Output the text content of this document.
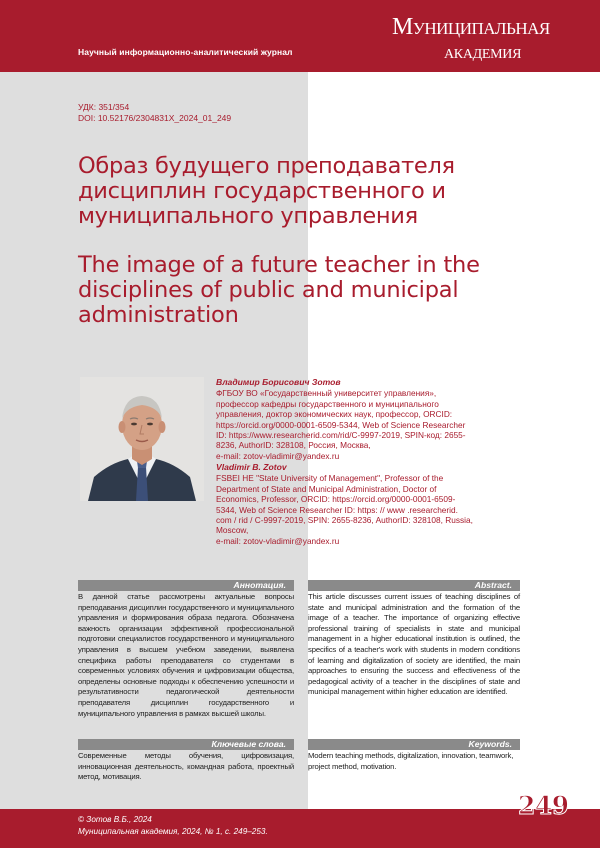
Научный информационно-аналитический журнал
Муниципальная
академия
УДК: 351/354
DOI: 10.52176/2304831X_2024_01_249
Образ будущего преподавателя
дисциплин государственного и
муниципального управления
The image of a future teacher in the
disciplines of public and municipal
administration
Владимир Борисович Зотов
ФГБОУ ВО «Государственный университет управления»,
профессор кафедры государственного и муниципального
управления, доктор экономических наук, профессор, ORCID:
https://orcid.org/0000-0001-6509-5344, Web of Science Researcher
ID: https://www.researcherid.com/rid/C-9997-2019, SPIN-код: 2655-
8236, AuthorID: 328108, Россия, Москва,
e-mail: zotov-vladimir@yandex.ru
Vladimir B. Zotov
FSBEI HE "State University of Management", Professor of the
Department of State and Municipal Administration, Doctor of
Economics, Professor, ORCID: https://orcid.org/0000-0001-6509-
5344, Web of Science Researcher ID: https: // www .researcherid.
com / rid / C-9997-2019, SPIN: 2655-8236, AuthorID: 328108, Russia,
Moscow,
e-mail: zotov-vladimir@yandex.ru
Аннотация.	Abstract.
В данной статье рассмотрены актуальные вопросы преподавания дисциплин государственного и муниципального управления и формирования образа педагога. Обозначена важность организации эффективной профессиональной подготовки специалистов государственного и муниципального управления в высшем учебном заведении, выявлена специфика работы преподавателя со студентами в современных условиях обучения и цифровизации общества, определены основные подходы к обеспечению успешности и результативности педагогической деятельности преподавателя дисциплин государственного и муниципального управления в рамках высшей школы.
This article discusses current issues of teaching disciplines of state and municipal administration and the formation of the image of a teacher. The importance of organizing effective professional training of specialists in state and municipal management in a higher educational institution is outlined, the specifics of a teacher's work with students in modern conditions of learning and digitalization of society are identified, the main approaches to ensuring the success and effectiveness of the pedagogical activity of a teacher in the disciplines of state and municipal management within higher education are identified.
Ключевые слова.	Keywords.
Современные методы обучения, цифровизация, инновационная деятельность, командная работа, проектный метод, мотивация.
Modern teaching methods, digitalization, innovation, teamwork, project method, motivation.
© Зотов В.Б., 2024
Муниципальная академия, 2024, № 1, с. 249–253.
249
